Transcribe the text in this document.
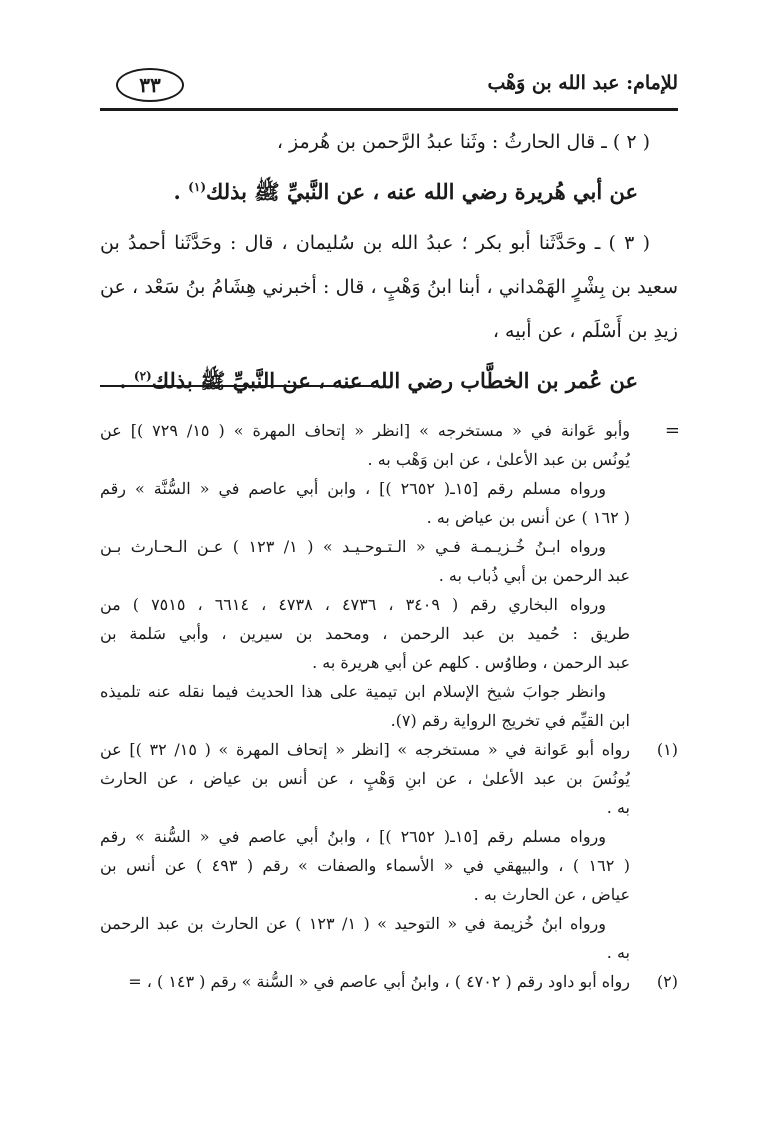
للإمام: عبد الله بن وَهْب
٣٣

( ٢ ) ـ قال الحارثُ : وثَنا عبدُ الرَّحمن بن هُرمز ،

عن أبي هُريرة رضي الله عنه ، عن النَّبيِّ ﷺ بذلك$^{(١)}$ .

( ٣ ) ـ وحَدَّثَنا أبو بكر ؛ عبدُ الله بن سُليمان ، قال : وحَدَّثَنا أحمدُ بن

سعيد بن بِشْرٍ الهَمْداني ، أبنا ابنُ وَهْبٍ ، قال : أخبرني هِشَامُ بنُ سَعْد ، عن

زيدِ بن أَسْلَم ، عن أبيه ،

عن عُمر بن الخطَّاب رضي الله عنه ، عن النَّبيِّ ﷺ بذلك$^{(٢)}$ .

=

وأبو عَوانة في « مستخرجه » [انظر « إتحاف المهرة » ( ١٥/ ٧٢٩ )] عن

يُونُس بن عبد الأعلىٰ ، عن ابن وَهْب به .

ورواه مسلم رقم [١٥ـ( ٢٦٥٢ )] ، وابن أبي عاصم في « السُّنَّة » رقم

( ١٦٢ ) عن أنس بن عياض به .

ورواه ابـنُ خُـزيـمـة فـي « الـتـوحـيـد » ( ١/ ١٢٣ ) عـن الـحـارث بـن

عبد الرحمن بن أبي ذُباب به .

ورواه البخاري رقم ( ٣٤٠٩ ، ٤٧٣٦ ، ٤٧٣٨ ، ٦٦١٤ ، ٧٥١٥ ) من

طريق : حُميد بن عبد الرحمن ، ومحمد بن سيرين ، وأبي سَلمة بن

عبد الرحمن ، وطاوُس . كلهم عن أبي هريرة به .

وانظر جوابَ شيخ الإسلام ابن تيمية على هذا الحديث فيما نقله عنه تلميذه

ابن القيِّم في تخريج الرواية رقم (٧).

(١)

رواه أبو عَوانة في « مستخرجه » [انظر « إتحاف المهرة » ( ١٥/ ٣٢ )] عن

يُونُسَ بن عبد الأعلىٰ ، عن ابنِ وَهْبٍ ، عن أنس بن عياض ، عن الحارث

به .

ورواه مسلم رقم [١٥ـ( ٢٦٥٢ )] ، وابنُ أبي عاصم في « السُّنة » رقم

( ١٦٢ ) ، والبيهقي في « الأسماء والصفات » رقم ( ٤٩٣ ) عن أنس بن

عياض ، عن الحارث به .

ورواه ابنُ خُزيمة في « التوحيد » ( ١/ ١٢٣ ) عن الحارث بن عبد الرحمن

به .

(٢)

رواه أبو داود رقم ( ٤٧٠٢ ) ، وابنُ أبي عاصم في « السُّنة » رقم ( ١٤٣ ) ، =
